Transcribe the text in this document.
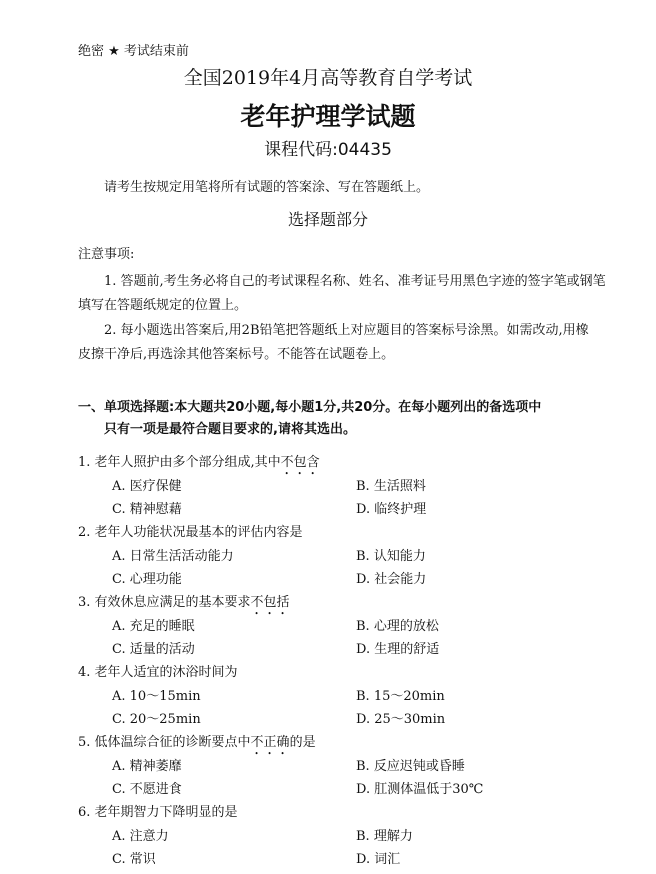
绝密 ★ 考试结束前
全国2019年4月高等教育自学考试
老年护理学试题
课程代码:04435
请考生按规定用笔将所有试题的答案涂、写在答题纸上。
选择题部分
注意事项:
1. 答题前,考生务必将自己的考试课程名称、姓名、准考证号用黑色字迹的签字笔或钢笔
填写在答题纸规定的位置上。
2. 每小题选出答案后,用2B铅笔把答题纸上对应题目的答案标号涂黑。如需改动,用橡
皮擦干净后,再选涂其他答案标号。不能答在试题卷上。
一、单项选择题:本大题共20小题,每小题1分,共20分。在每小题列出的备选项中
只有一项是最符合题目要求的,请将其选出。
1. 老年人照护由多个部分组成,其中不包含
A. 医疗保健	B. 生活照料
C. 精神慰藉	D. 临终护理
2. 老年人功能状况最基本的评估内容是
A. 日常生活活动能力	B. 认知能力
C. 心理功能	D. 社会能力
3. 有效休息应满足的基本要求不包括
A. 充足的睡眠	B. 心理的放松
C. 适量的活动	D. 生理的舒适
4. 老年人适宜的沐浴时间为
A. 10～15min	B. 15～20min
C. 20～25min	D. 25～30min
5. 低体温综合征的诊断要点中不正确的是
A. 精神萎靡	B. 反应迟钝或昏睡
C. 不愿进食	D. 肛测体温低于30℃
6. 老年期智力下降明显的是
A. 注意力	B. 理解力
C. 常识	D. 词汇
